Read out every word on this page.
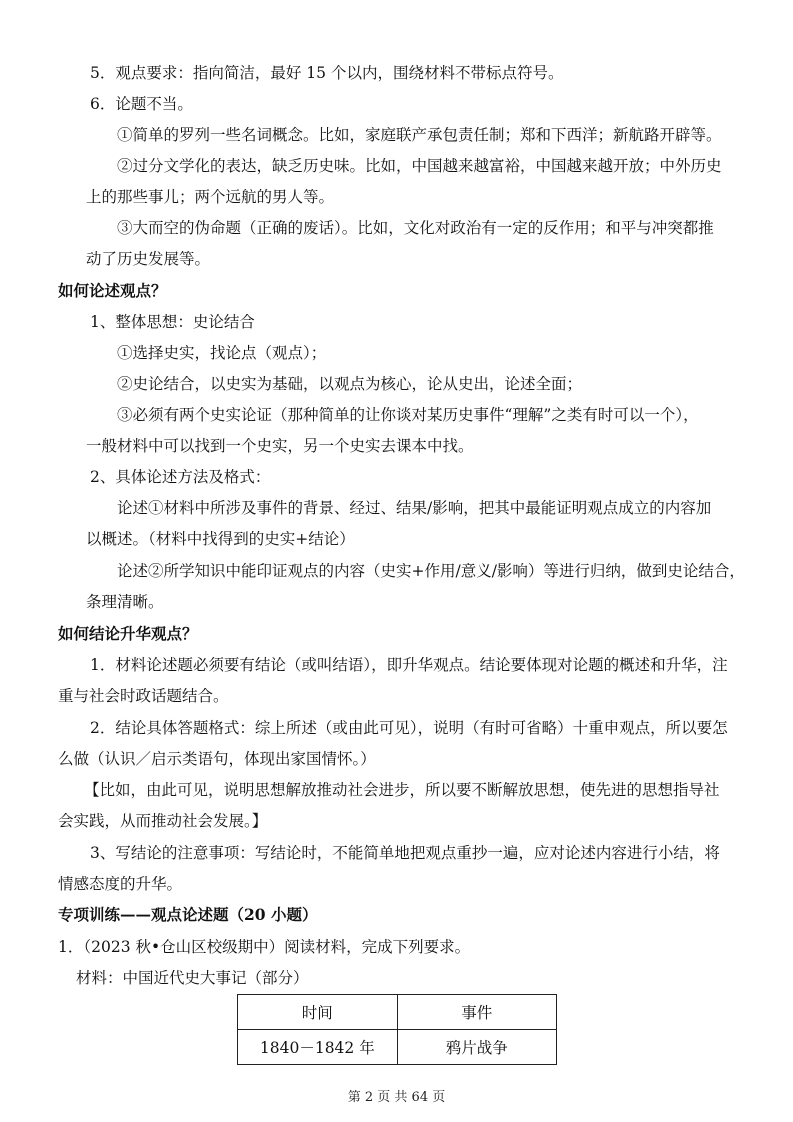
5．观点要求：指向简洁，最好 15 个以内，围绕材料不带标点符号。
6．论题不当。
①简单的罗列一些名词概念。比如，家庭联产承包责任制；郑和下西洋；新航路开辟等。
②过分文学化的表达，缺乏历史味。比如，中国越来越富裕，中国越来越开放；中外历史
上的那些事儿；两个远航的男人等。
③大而空的伪命题（正确的废话）。比如，文化对政治有一定的反作用；和平与冲突都推
动了历史发展等。
如何论述观点？
1、整体思想：史论结合
①选择史实，找论点（观点）；
②史论结合，以史实为基础，以观点为核心，论从史出，论述全面；
③必须有两个史实论证（那种简单的让你谈对某历史事件“理解”之类有时可以一个），
一般材料中可以找到一个史实，另一个史实去课本中找。
2、具体论述方法及格式：
论述①材料中所涉及事件的背景、经过、结果/影响，把其中最能证明观点成立的内容加
以概述。（材料中找得到的史实+结论）
论述②所学知识中能印证观点的内容（史实+作用/意义/影响）等进行归纳，做到史论结合，
条理清晰。
如何结论升华观点？
1．材料论述题必须要有结论（或叫结语），即升华观点。结论要体现对论题的概述和升华，注
重与社会时政话题结合。
2．结论具体答题格式：综上所述（或由此可见），说明（有时可省略）十重申观点，所以要怎
么做（认识／启示类语句，体现出家国情怀。）
【比如，由此可见，说明思想解放推动社会进步，所以要不断解放思想，使先进的思想指导社
会实践，从而推动社会发展。】
3、写结论的注意事项：写结论时，不能简单地把观点重抄一遍，应对论述内容进行小结，将
情感态度的升华。
专项训练——观点论述题（20 小题）
1．（2023 秋•仓山区校级期中）阅读材料，完成下列要求。
材料：中国近代史大事记（部分）
时间	事件
1840－1842 年	鸦片战争
第 2 页 共 64 页
